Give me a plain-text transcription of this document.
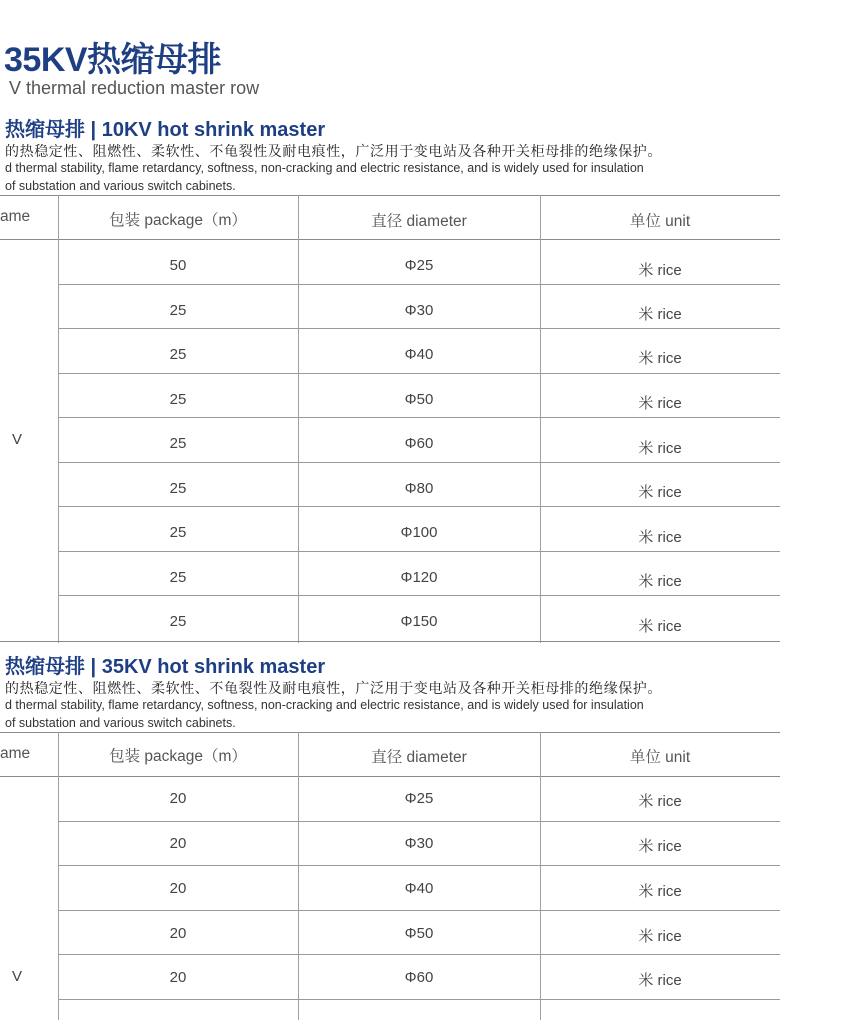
35KV热缩母排
V thermal reduction master row
热缩母排 | 10KV hot shrink master
的热稳定性、阻燃性、柔软性、不龟裂性及耐电痕性，广泛用于变电站及各种开关柜母排的绝缘保护。
d thermal stability, flame retardancy, softness, non-cracking and electric resistance, and is widely used for insulation
of substation and various switch cabinets.
ame	包装 package（m）	直径 diameter	单位 unit
V
50	Φ25	米 rice
25	Φ30	米 rice
25	Φ40	米 rice
25	Φ50	米 rice
25	Φ60	米 rice
25	Φ80	米 rice
25	Φ100	米 rice
25	Φ120	米 rice
25	Φ150	米 rice
热缩母排 | 35KV hot shrink master
的热稳定性、阻燃性、柔软性、不龟裂性及耐电痕性，广泛用于变电站及各种开关柜母排的绝缘保护。
d thermal stability, flame retardancy, softness, non-cracking and electric resistance, and is widely used for insulation
of substation and various switch cabinets.
ame	包装 package（m）	直径 diameter	单位 unit
V
20	Φ25	米 rice
20	Φ30	米 rice
20	Φ40	米 rice
20	Φ50	米 rice
20	Φ60	米 rice
